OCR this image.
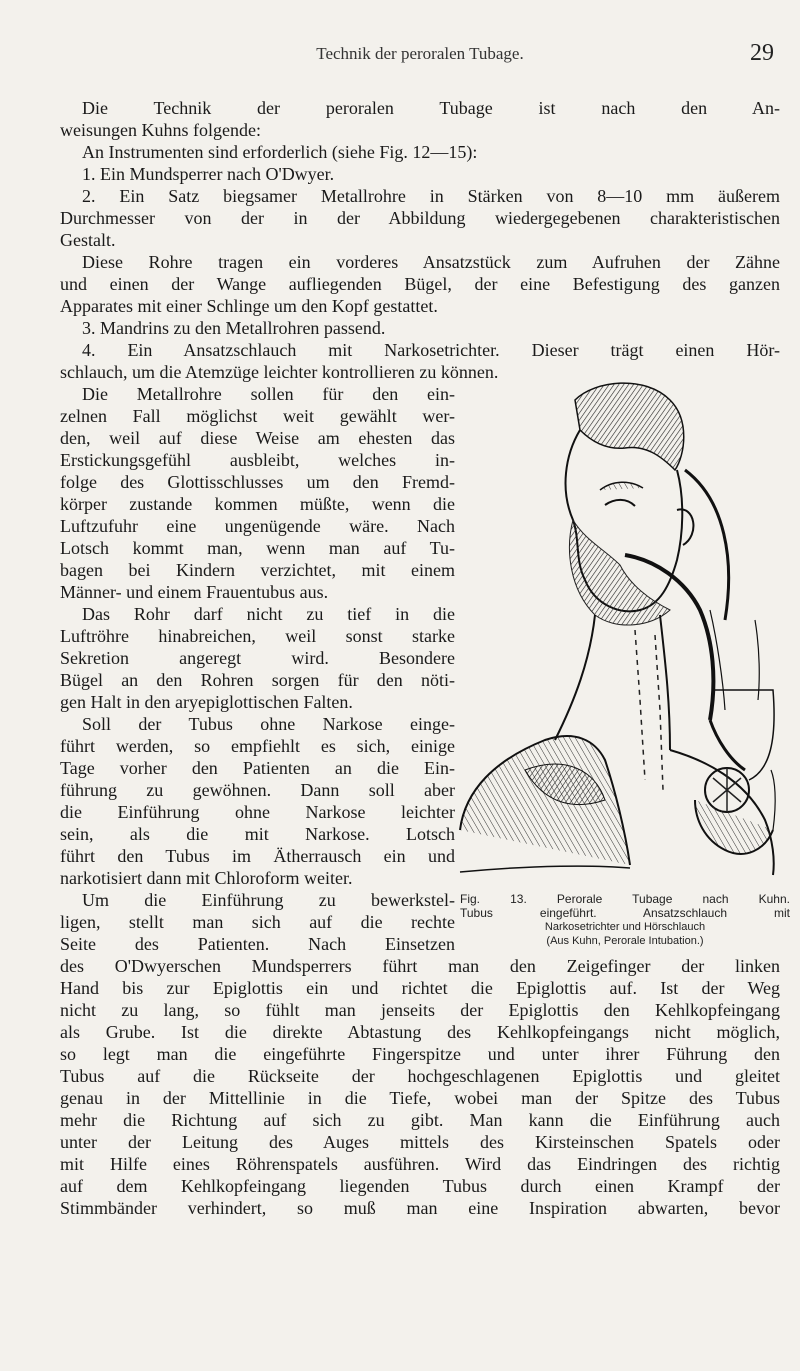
Technik der peroralen Tubage.	29
Die Technik der peroralen Tubage ist nach den An-
weisungen Kuhns folgende:
An Instrumenten sind erforderlich (siehe Fig. 12—15):
1. Ein Mundsperrer nach O'Dwyer.
2. Ein Satz biegsamer Metallrohre in Stärken von 8—10 mm äußerem
Durchmesser von der in der Abbildung wiedergegebenen charakteristischen
Gestalt.
Diese Rohre tragen ein vorderes Ansatzstück zum Aufruhen der Zähne
und einen der Wange aufliegenden Bügel, der eine Befestigung des ganzen
Apparates mit einer Schlinge um den Kopf gestattet.
3. Mandrins zu den Metallrohren passend.
4. Ein Ansatzschlauch mit Narkosetrichter. Dieser trägt einen Hör-
schlauch, um die Atemzüge leichter kontrollieren zu können.
Die Metallrohre sollen für den ein-
zelnen Fall möglichst weit gewählt wer-
den, weil auf diese Weise am ehesten das
Erstickungsgefühl ausbleibt, welches in-
folge des Glottisschlusses um den Fremd-
körper zustande kommen müßte, wenn die
Luftzufuhr eine ungenügende wäre. Nach
Lotsch kommt man, wenn man auf Tu-
bagen bei Kindern verzichtet, mit einem
Männer- und einem Frauentubus aus.
Das Rohr darf nicht zu tief in die
Luftröhre hinabreichen, weil sonst starke
Sekretion angeregt wird. Besondere
Bügel an den Rohren sorgen für den nöti-
gen Halt in den aryepiglottischen Falten.
Soll der Tubus ohne Narkose einge-
führt werden, so empfiehlt es sich, einige
Tage vorher den Patienten an die Ein-
führung zu gewöhnen. Dann soll aber
die Einführung ohne Narkose leichter
sein, als die mit Narkose. Lotsch
führt den Tubus im Ätherrausch ein und
narkotisiert dann mit Chloroform weiter.
Um die Einführung zu bewerkstel-
ligen, stellt man sich auf die rechte
Seite des Patienten. Nach Einsetzen
Fig. 13. Perorale Tubage nach Kuhn.
Tubus eingeführt. Ansatzschlauch mit
Narkosetrichter und Hörschlauch
(Aus Kuhn, Perorale Intubation.)
des O'Dwyerschen Mundsperrers führt man den Zeigefinger der linken
Hand bis zur Epiglottis ein und richtet die Epiglottis auf. Ist der Weg
nicht zu lang, so fühlt man jenseits der Epiglottis den Kehlkopfeingang
als Grube. Ist die direkte Abtastung des Kehlkopfeingangs nicht möglich,
so legt man die eingeführte Fingerspitze und unter ihrer Führung den
Tubus auf die Rückseite der hochgeschlagenen Epiglottis und gleitet
genau in der Mittellinie in die Tiefe, wobei man der Spitze des Tubus
mehr die Richtung auf sich zu gibt. Man kann die Einführung auch
unter der Leitung des Auges mittels des Kirsteinschen Spatels oder
mit Hilfe eines Röhrenspatels ausführen. Wird das Eindringen des richtig
auf dem Kehlkopfeingang liegenden Tubus durch einen Krampf der
Stimmbänder verhindert, so muß man eine Inspiration abwarten, bevor
